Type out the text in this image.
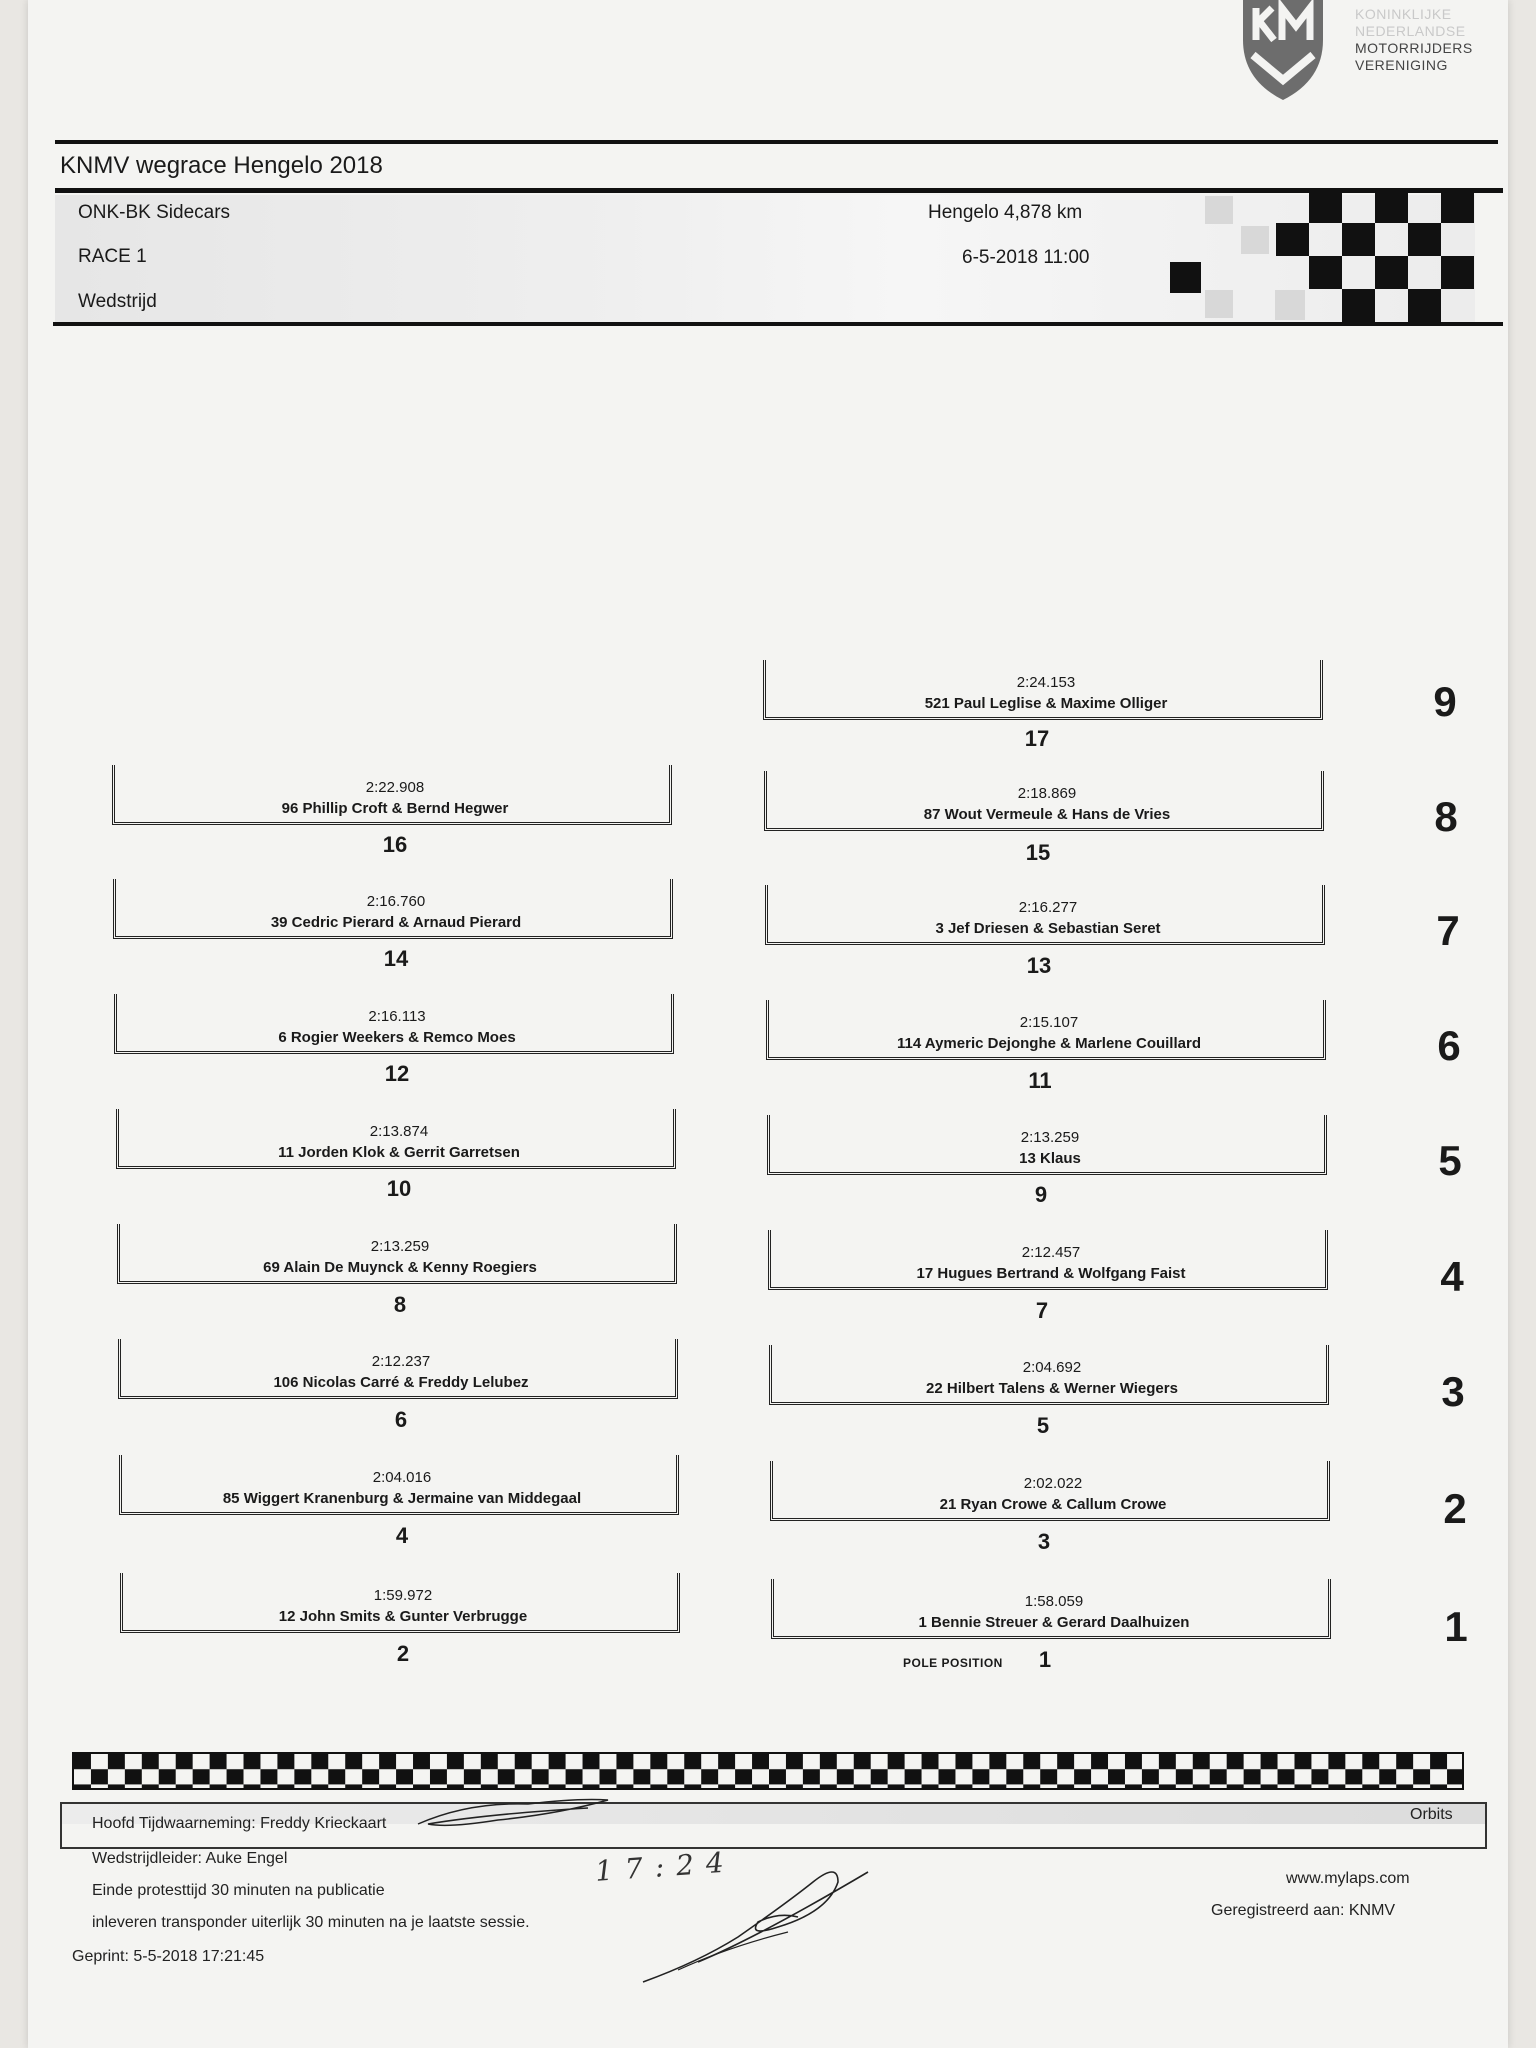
KONINKLIJKE
NEDERLANDSE
MOTORRIJDERS
VERENIGING
KNMV wegrace Hengelo 2018
ONK-BK Sidecars
RACE 1
Wedstrijd
Hengelo 4,878 km
6-5-2018 11:00
2:24.153
521 Paul Leglise & Maxime Olliger
17
9
2:22.908
96 Phillip Croft & Bernd Hegwer
16
2:18.869
87 Wout Vermeule & Hans de Vries
15
8
2:16.760
39 Cedric Pierard & Arnaud Pierard
14
2:16.277
3 Jef Driesen & Sebastian Seret
13
7
2:16.113
6 Rogier Weekers & Remco Moes
12
2:15.107
114 Aymeric Dejonghe & Marlene Couillard
11
6
2:13.874
11 Jorden Klok & Gerrit Garretsen
10
2:13.259
13 Klaus
9
5
2:13.259
69 Alain De Muynck & Kenny Roegiers
8
2:12.457
17 Hugues Bertrand & Wolfgang Faist
7
4
2:12.237
106 Nicolas Carré & Freddy Lelubez
6
2:04.692
22 Hilbert Talens & Werner Wiegers
5
3
2:04.016
85 Wiggert Kranenburg & Jermaine van Middegaal
4
2:02.022
21 Ryan Crowe & Callum Crowe
3
2
1:59.972
12 John Smits & Gunter Verbrugge
2
1:58.059
1 Bennie Streuer & Gerard Daalhuizen
1
1
POLE POSITION
Hoofd Tijdwaarneming: Freddy Krieckaart
Orbits
Wedstrijdleider: Auke Engel
Einde protesttijd 30 minuten na publicatie
inleveren transponder uiterlijk 30 minuten na je laatste sessie.
Geprint: 5-5-2018 17:21:45
www.mylaps.com
Geregistreerd aan: KNMV
17:24
